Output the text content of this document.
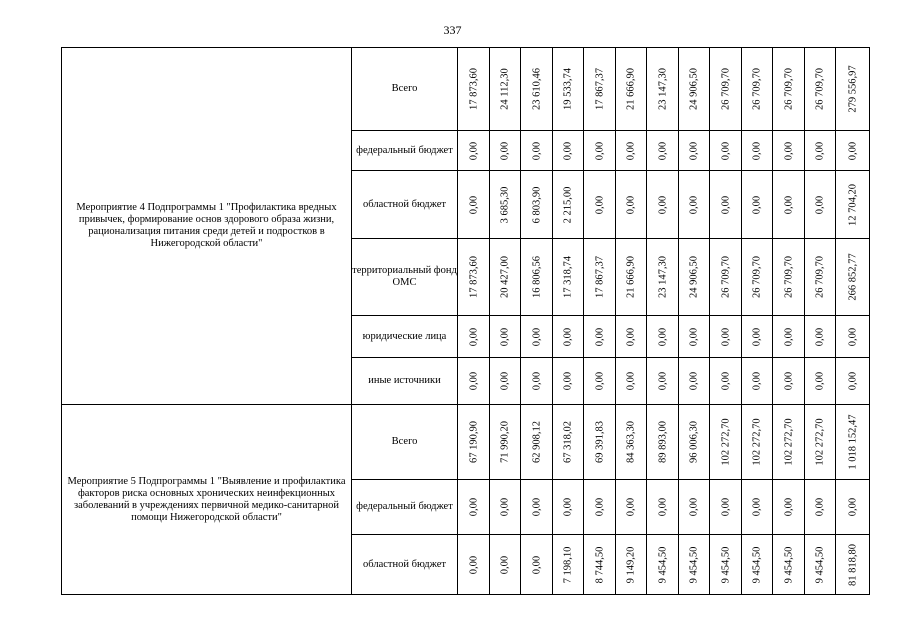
337
Мероприятие 4 Подпрограммы 1 "Профилактика вредных привычек, формирование основ здорового образа жизни, рационализация питания среди детей и подростков в Нижегородской области"	Всего	17 873,60	24 112,30	23 610,46	19 533,74	17 867,37	21 666,90	23 147,30	24 906,50	26 709,70	26 709,70	26 709,70	26 709,70	279 556,97

	федеральный бюджет	0,00	0,00	0,00	0,00	0,00	0,00	0,00	0,00	0,00	0,00	0,00	0,00	0,00

	областной бюджет	0,00	3 685,30	6 803,90	2 215,00	0,00	0,00	0,00	0,00	0,00	0,00	0,00	0,00	12 704,20

	территориальный фонд ОМС	17 873,60	20 427,00	16 806,56	17 318,74	17 867,37	21 666,90	23 147,30	24 906,50	26 709,70	26 709,70	26 709,70	26 709,70	266 852,77

	юридические лица	0,00	0,00	0,00	0,00	0,00	0,00	0,00	0,00	0,00	0,00	0,00	0,00	0,00

	иные источники	0,00	0,00	0,00	0,00	0,00	0,00	0,00	0,00	0,00	0,00	0,00	0,00	0,00

Мероприятие 5 Подпрограммы 1 "Выявление и профилактика факторов риска основных хронических неинфекционных заболеваний в учреждениях первичной медико-санитарной помощи Нижегородской области"	Всего	67 190,90	71 990,20	62 908,12	67 318,02	69 391,83	84 363,30	89 893,00	96 006,30	102 272,70	102 272,70	102 272,70	102 272,70	1 018 152,47

	федеральный бюджет	0,00	0,00	0,00	0,00	0,00	0,00	0,00	0,00	0,00	0,00	0,00	0,00	0,00

	областной бюджет	0,00	0,00	0,00	7 198,10	8 744,50	9 149,20	9 454,50	9 454,50	9 454,50	9 454,50	9 454,50	9 454,50	81 818,80
